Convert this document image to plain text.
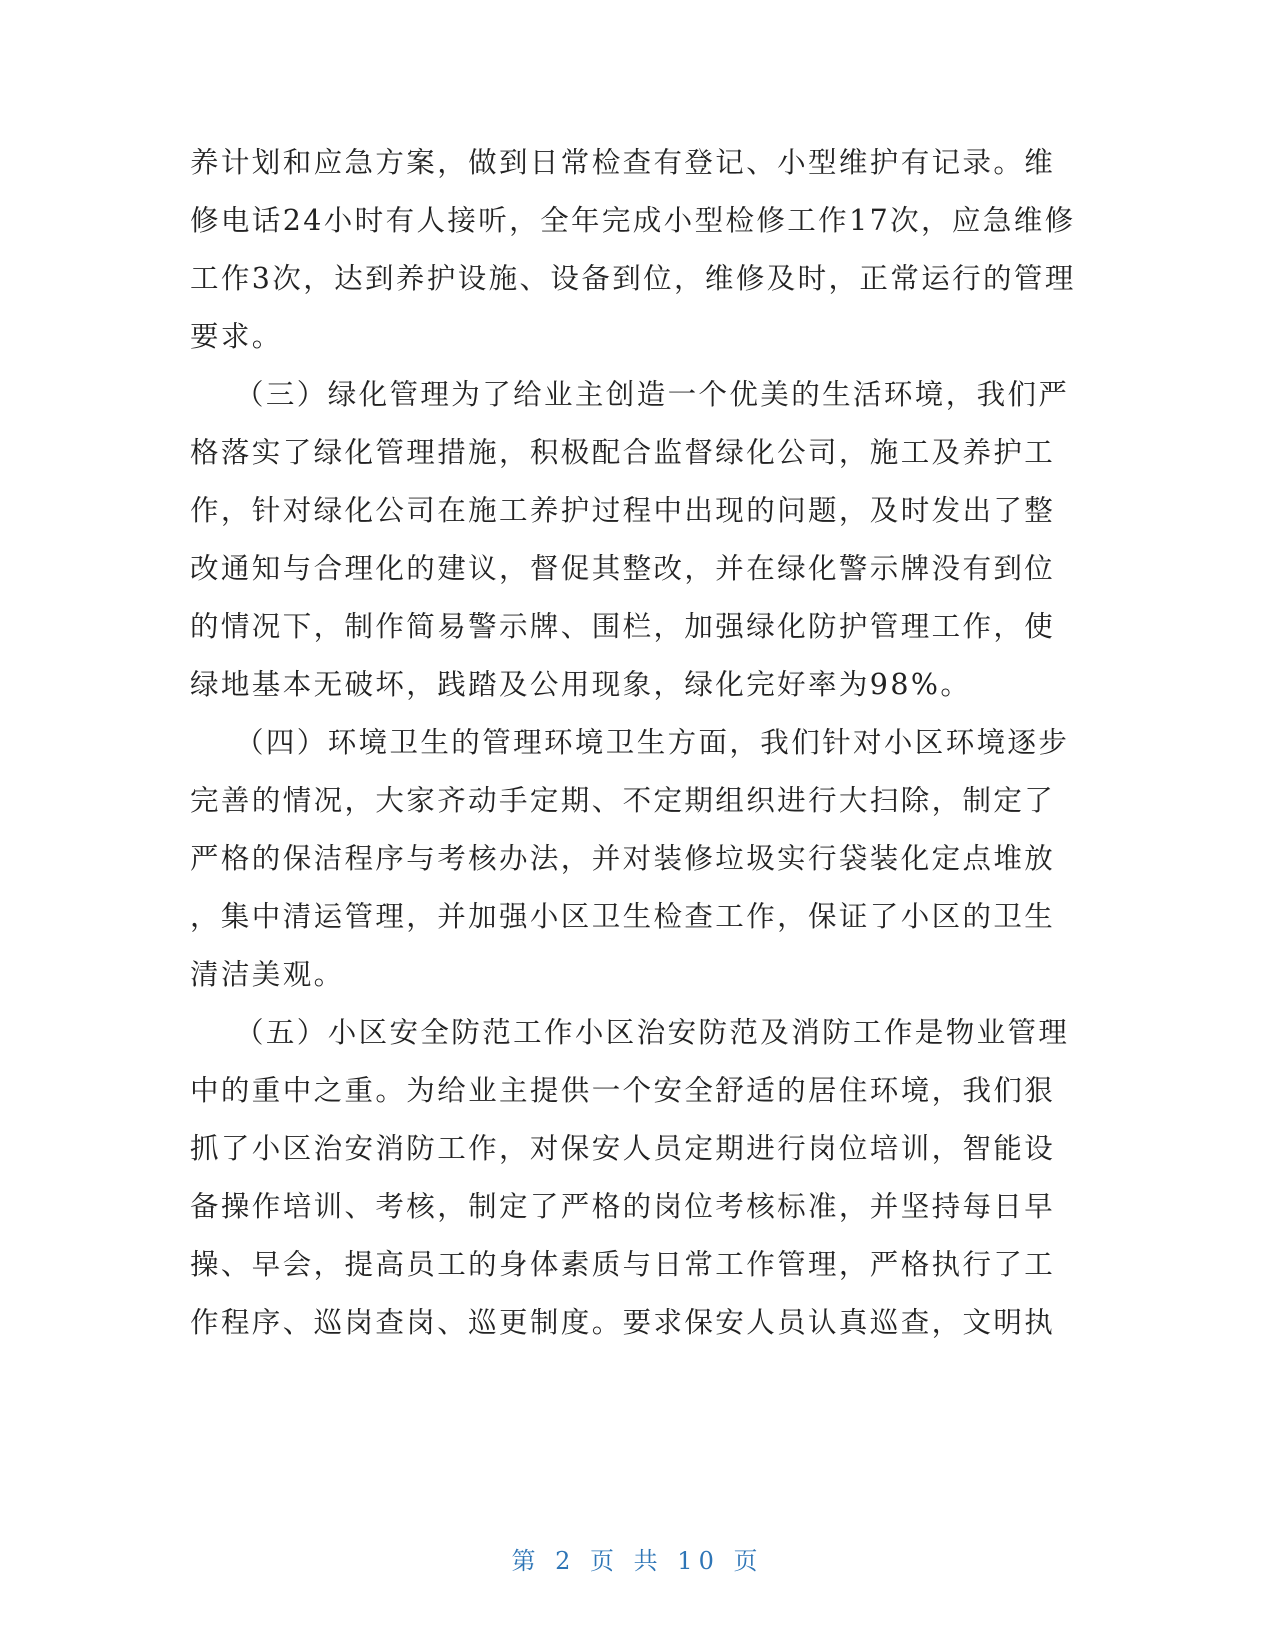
养计划和应急方案，做到日常检查有登记、小型维护有记录。维
修电话24小时有人接听，全年完成小型检修工作17次，应急维修
工作3次，达到养护设施、设备到位，维修及时，正常运行的管理
要求。
（三）绿化管理为了给业主创造一个优美的生活环境，我们严
格落实了绿化管理措施，积极配合监督绿化公司，施工及养护工
作，针对绿化公司在施工养护过程中出现的问题，及时发出了整
改通知与合理化的建议，督促其整改，并在绿化警示牌没有到位
的情况下，制作简易警示牌、围栏，加强绿化防护管理工作，使
绿地基本无破坏，践踏及公用现象，绿化完好率为98%。
（四）环境卫生的管理环境卫生方面，我们针对小区环境逐步
完善的情况，大家齐动手定期、不定期组织进行大扫除，制定了
严格的保洁程序与考核办法，并对装修垃圾实行袋装化定点堆放
，集中清运管理，并加强小区卫生检查工作，保证了小区的卫生
清洁美观。
（五）小区安全防范工作小区治安防范及消防工作是物业管理
中的重中之重。为给业主提供一个安全舒适的居住环境，我们狠
抓了小区治安消防工作，对保安人员定期进行岗位培训，智能设
备操作培训、考核，制定了严格的岗位考核标准，并坚持每日早
操、早会，提高员工的身体素质与日常工作管理，严格执行了工
作程序、巡岗查岗、巡更制度。要求保安人员认真巡查，文明执
第 2 页 共 10 页
